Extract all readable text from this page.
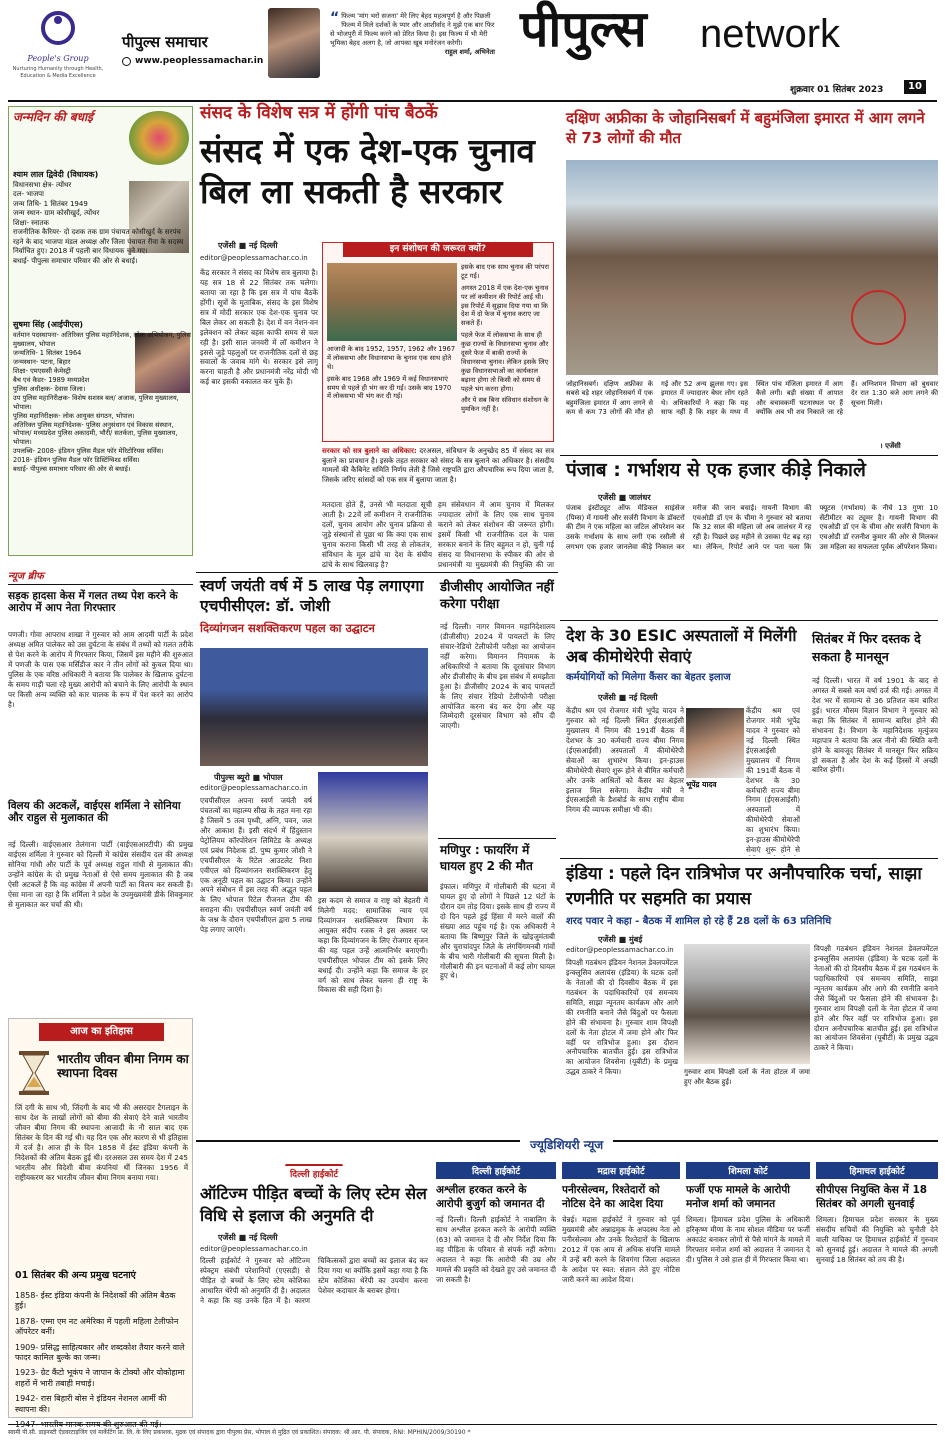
People's Group
Nurturing Humanity through Health, Education & Media Excellence
पीपुल्स समाचार
www.peoplessamachar.in
“ फिल्म 'मांग भरो सजना' मेरे लिए बेहद महत्वपूर्ण है और पिछली फिल्म में मिले दर्शकों के प्यार और आशीर्वाद ने मुझे एक बार फिर से भोजपुरी में फिल्म करने को प्रेरित किया है। इस फिल्म में भी मेरी भूमिका बेहद अलग है, जो आपका खूब मनोरंजन करेगी।
राहुल शर्मा, अभिनेता पीपुल्स network
शुक्रवार 01 सितंबर 2023	10
जन्मदिन की बधाई
श्याम लाल द्विवेदी (विधायक)
विधानसभा क्षेत्र- त्योंथर
दल- भाजपा
जन्म तिथि- 1 सितंबर 1949
जन्म स्थान- ग्राम कोसीखुर्द, त्योंथर
शिक्षा- स्नातक
राजनीतिक कैरियर- दो दशक तक ग्राम पंचायत कोसीखुर्द के सरपंच रहने के बाद भाजपा मंडल अध्यक्ष और जिला पंचायत रीवा के सदस्य निर्वाचित हुए। 2018 में पहली बार विधायक चुने गए।
बधाई- पीपुल्स समाचार परिवार की ओर से बधाई।
सुषमा सिंह (आईपीएस)
वर्तमान पदस्थापना- अतिरिक्त पुलिस महानिदेशक, लोक अभियोजन, पुलिस मुख्यालय, भोपाल
जन्मतिथि- 1 सितंबर 1964
जन्मस्थान- पटना, बिहार
शिक्षा- एमएससी केमेस्ट्री
बैच एवं कैडर- 1989 मध्यप्रदेश
पुलिस अधीक्षक- देवास जिला।
उप पुलिस महानिरीक्षक- विशेष सशस्त्र बल/ अजाक, पुलिस मुख्यालय, भोपाल।
पुलिस महानिरीक्षक- लोक आयुक्त संगठन, भोपाल।
अतिरिक्त पुलिस महानिदेशक- पुलिस अनुसंधान एवं विकास संस्थान, भोपाल/ मध्यप्रदेश पुलिस अकादमी, भौरी/ सतर्कता, पुलिस मुख्यालय, भोपाल।
उपलब्धि- 2008- इंडियन पुलिस मैडल फॉर मेरिटोरियस सर्विस।
2018- इंडियन पुलिस मैडल फॉर डिस्टिंग्विश्ड सर्विस।
बधाई- पीपुल्स समाचार परिवार की ओर से बधाई।
न्यूज ब्रीफ
सड़क हादसा केस में गलत तथ्य पेश करने के आरोप में आप नेता गिरफ्तार
पणजी। गोवा आपराध शाखा ने गुरुवार को आम आदमी पार्टी के प्रदेश अध्यक्ष अमित पालेकर को उस दुर्घटना के संबंध में तथ्यों को गलत तरीके से पेश करने के आरोप में गिरफ्तार किया, जिसमें इस महीने की शुरुआत में पणजी के पास एक मर्सिडीज कार ने तीन लोगों को कुचल दिया था। पुलिस के एक वरिष्ठ अधिकारी ने बताया कि पालेकर के खिलाफ दुर्घटना के समय गाड़ी चला रहे मुख्य आरोपी को बचाने के लिए आरोपी के स्थान पर किसी अन्य व्यक्ति को कार चालक के रूप में पेश करने का आरोप है।
विलय की अटकलें, वाईएस शर्मिला ने सोनिया और राहुल से मुलाकात की
नई दिल्ली। वाईएसआर तेलंगाना पार्टी (वाईएसआरटीपी) की प्रमुख वाईएस शर्मिला ने गुरुवार को दिल्ली में कांग्रेस संसदीय दल की अध्यक्ष सोनिया गांधी और पार्टी के पूर्व अध्यक्ष राहुल गांधी से मुलाकात की। उन्होंने कांग्रेस के दो प्रमुख नेताओं से ऐसे समय मुलाकात की है जब ऐसी अटकलें हैं कि वह कांग्रेस में अपनी पार्टी का विलय कर सकती हैं। ऐसा माना जा रहा है कि शर्मिला ने प्रदेश के उपमुख्यमंत्री डीके शिवकुमार से मुलाकात कर चर्चा की थी।
आज का इतिहास
भारतीय जीवन बीमा निगम का स्थापना दिवस
जिं दगी के साथ भी, जिंदगी के बाद भी की असरदार टैगलाइन के साथ देश के लाखों लोगों को बीमा की सेवाएं देने वाले भारतीय जीवन बीमा निगम की स्थापना आजादी के नौ साल बाद एक सितंबर के दिन की गई थी। यह दिन एक और कारण से भी इतिहास में दर्ज है। आज ही के दिन 1858 में ईस्ट इंडिया कंपनी के निदेशकों की अंतिम बैठक हुई थी। दरअसल उस समय देश में 245 भारतीय और विदेशी बीमा कंपनियां थीं जिनका 1956 में राष्ट्रीयकरण कर भारतीय जीवन बीमा निगम बनाया गया।
01 सितंबर की अन्य प्रमुख घटनाएं
1858- ईस्ट इंडिया कंपनी के निदेशकों की अंतिम बैठक हुई।
1878- एम्मा एम नट अमेरिका में पहली महिला टेलीफोन ऑपरेटर बनीं।
1909- प्रसिद्ध साहित्यकार और शब्दकोश तैयार करने वाले फादर कामिल बुल्के का जन्म।
1923- ग्रेट कैंटो भूकंप ने जापान के टोक्यो और योकोहामा शहरों में भारी तबाही मचाई।
1942- रास बिहारी बोस ने इंडियन नेशनल आर्मी की स्थापना की।
संसद के विशेष सत्र में होंगी पांच बैठकें
संसद में एक देश-एक चुनाव बिल ला सकती है सरकार
एजेंसी ■ नई दिल्ली
editor@peoplessamachar.co.in
केंद्र सरकार ने संसद का विशेष सत्र बुलाया है। यह सत्र 18 से 22 सितंबर तक चलेगा। बताया जा रहा है कि इस सत्र में पांच बैठकें होंगी। सूत्रों के मुताबिक, संसद के इस विशेष सत्र में मोदी सरकार एक देश-एक चुनाव पर बिल लेकर आ सकती है। देश में वन नेशन-वन इलेक्शन को लेकर बहस काफी समय से चल रही है। इसी साल जनवरी में लॉ कमीशन ने इससे जुड़े पहलुओं पर राजनीतिक दलों से छह सवालों के जवाब मांगे थे। सरकार इसे लागू करना चाहती है और प्रधानमंत्री नरेंद्र मोदी भी कई बार इसकी वकालत कर चुके हैं।
इन संशोधन की जरूरत क्यों?
आजादी के बाद 1952, 1957, 1962 और 1967 में लोकसभा और विधानसभा के चुनाव एक साथ होते थे।
इसके बाद 1968 और 1969 में कई विधानसभाएं समय से पहले ही भंग कर दी गईं। उसके बाद 1970 में लोकसभा भी भंग कर दी गई।
इसके बाद एक साथ चुनाव की परंपरा टूट गई।
अगस्त 2018 में एक देश-एक चुनाव पर लॉ कमीशन की रिपोर्ट आई थी। इस रिपोर्ट में सुझाव दिया गया था कि देश में दो फेज में चुनाव कराए जा सकते हैं।
पहले फेज में लोकसभा के साथ ही कुछ राज्यों के विधानसभा चुनाव और दूसरे फेज में बाकी राज्यों के विधानसभा चुनाव। लेकिन इसके लिए कुछ विधानसभाओं का कार्यकाल बढ़ाना होगा तो किसी को समय से पहले भंग करना होगा।
और ये सब बिना संविधान संशोधन के मुमकिन नहीं है।
सरकार को सत्र बुलाने का अधिकार: दरअसल, संविधान के अनुच्छेद 85 में संसद का सत्र बुलाने का प्रावधान है। इसके तहत सरकार को संसद के सत्र बुलाने का अधिकार है। संसदीय मामलों की कैबिनेट समिति निर्णय लेती है जिसे राष्ट्रपति द्वारा औपचारिक रूप दिया जाता है, जिसके जरिए सांसदों को एक सत्र में बुलाया जाता है।
मतदाता होते हैं, उनसे भी मतदाता सूची आती है। 22वें लॉ कमीशन ने राजनीतिक दलों, चुनाव आयोग और चुनाव प्रक्रिया से जुड़े संस्थानों से पूछा था कि क्या एक साथ चुनाव कराना किसी भी तरह से लोकतंत्र, संविधान के मूल ढांचे या देश के संघीय ढांचे के साथ खिलवाड़ है?
हम संसेवधान में आम चुनाव में मिलकर ज्यादातर लोगों के लिए एक साथ चुनाव कराने को लेकर संशोधन की जरूरत होगी। इसमें किसी भी राजनीतिक दल के पास सरकार बनाने के लिए बहुमत न हो, चुनी गई संसद या विधानसभा के स्पीकर की ओर से प्रधानमंत्री या मुख्यमंत्री की नियुक्ति की जा
दक्षिण अफ्रीका के जोहानिसबर्ग में बहुमंजिला इमारत में आग लगने से 73 लोगों की मौत
जोहानिसबर्ग। दक्षिण अफ्रीका के सबसे बड़े शहर जोहानिसबर्ग में एक बहुमंजिला इमारत में आग लगने से कम से कम 73 लोगों की मौत हो गई और 52 अन्य झुलस गए। इस इमारत में ज्यादातर बेघर लोग रहते थे। अधिकारियों ने कहा कि यह साफ नहीं है कि शहर के मध्य में स्थित पांच मंजिला इमारत में आग कैसे लगी। बड़ी संख्या में आपात और बचावकर्मी घटनास्थल पर हैं क्योंकि अब भी शव निकाले जा रहे हैं। अग्निशमन विभाग को बुधवार देर रात 1:30 बजे आग लगने की सूचना मिली।
। एजेंसी
पंजाब : गर्भाशय से एक हजार कीड़े निकाले
एजेंसी ■ जालंधर
पंजाब इंस्टीट्यूट ऑफ मेडिकल साइंसेज (पिम्स) में गायनी और सर्जरी विभाग के डॉक्टरों की टीम ने एक महिला का जटिल ऑपरेशन कर उसके गर्भाशय के साथ लगी एक रसौली से लगभग एक हजार जानलेवा कीड़े निकाल कर मरीज की जान बचाई। गायनी विभाग की एचओडी डॉ एन के चीमा ने गुरुवार को बताया कि 32 साल की महिला जो अब जालंधर में रह रही है। पिछले छह महीने से उसका पेट बढ़ रहा था। लेकिन, रिपोर्ट आने पर पता चला कि फ्यूटस (गर्भाशय) के नीचे 13 गुणा 10 सेंटीमीटर का ट्यूमर है। गायनी विभाग की एचओडी डॉ एन के चीमा और सर्जरी विभाग के एचओडी डॉ रजनीश कुमार की ओर से मिलकर उस महिला का सफलता पूर्वक ऑपरेशन किया।
स्वर्ण जयंती वर्ष में 5 लाख पेड़ लगाएगा एचपीसीएल: डॉ. जोशी
दिव्यांगजन सशक्तिकरण पहल का उद्घाटन
पीपुल्स ब्यूरो ■ भोपाल
editor@peoplessamachar.co.in
एचपीसीएल अपना स्वर्ण जयंती वर्ष पंचतत्वों का महात्म्य सीख के तहत मना रहा है जिसमें 5 तत्व पृथ्वी, अग्नि, पवन, जल और आकाश हैं। इसी संदर्भ में हिंदुस्तान पेट्रोलियम कॉरपोरेशन लिमिटेड के अध्यक्ष एवं प्रबंध निदेशक डॉ. पुष्प कुमार जोशी ने एचपीसीएल के रिटेल आउटलेट निशा एवीएल को दिव्यांगजन सशक्तिकरण हेतु एक अनूठी पहल का उद्घाटन किया। उन्होंने अपने संबोधन में इस तरह की अद्भुत पहल के लिए भोपाल रिटेल रीजनल टीम की सराहना की। एचपीसीएल स्वर्ण जयंती वर्ष के जश्न के दौरान एचपीसीएल द्वारा 5 लाख पेड़ लगाए जाएंगे।
इस कदम से समाज व राष्ट्र को बेहतरी में मिलेगी मदद: सामाजिक न्याय एवं दिव्यांगजन सशक्तिकरण विभाग के आयुक्त संदीप रजक ने इस अवसर पर कहा कि दिव्यांगजन के लिए रोजगार सृजन की यह पहल उन्हें आत्मनिर्भर बनाएगी। एचपीसीएल भोपाल टीम को इसके लिए बधाई दी। उन्होंने कहा कि समाज के हर वर्ग को साथ लेकर चलना ही राष्ट्र के विकास की सही दिशा है।
डीजीसीए आयोजित नहीं करेगा परीक्षा
नई दिल्ली। नागर विमानन महानिदेशालय (डीजीसीए) 2024 में पायलटों के लिए संचार-रेडियो टेलीफोनी परीक्षा का आयोजन नहीं करेगा। विमानन नियामक के अधिकारियों ने बताया कि दूरसंचार विभाग और डीजीसीए के बीच इस संबंध में समझौता हुआ है। डीजीसीए 2024 के बाद पायलटों के लिए संचार रेडियो टेलीफोनी परीक्षा आयोजित करना बंद कर देगा और यह जिम्मेदारी दूरसंचार विभाग को सौंप दी जाएगी।
मणिपुर : फायरिंग में घायल हुए 2 की मौत
इंफाल। मणिपुर में गोलीबारी की घटना में घायल हुए दो लोगों ने पिछले 12 घंटों के दौरान दम तोड़ दिया। इसके साथ ही राज्य में दो दिन पहले हुई हिंसा में मरने वालों की संख्या आठ पहुंच गई है। एक अधिकारी ने बताया कि बिष्णुपुर जिले के खोइजुमंताबी और चुराचांदपुर जिले के लंगचिंगमनबी गांवों के बीच भारी गोलीबारी की सूचना मिली है। गोलीबारी की इन घटनाओं में कई लोग घायल हुए थे।
देश के 30 ESIC अस्पतालों में मिलेंगी अब कीमोथेरेपी सेवाएं
कर्मयोगियों को मिलेगा कैंसर का बेहतर इलाज
एजेंसी ■ नई दिल्ली
भूपेंद्र यादव
केंद्रीय श्रम एवं रोजगार मंत्री भूपेंद्र यादव ने गुरुवार को नई दिल्ली स्थित ईएसआईसी मुख्यालय में निगम की 191वीं बैठक में देशभर के 30 कर्मचारी राज्य बीमा निगम (ईएसआईसी) अस्पतालों में कीमोथेरेपी सेवाओं का शुभारंभ किया। इन-हाउस कीमोथेरेपी सेवाएं शुरू होने से बीमित कर्मचारी और उनके आश्रितों को कैंसर का बेहतर इलाज मिल सकेगा। केंद्रीय मंत्री ने ईएसआईसी के डैशबोर्ड के साथ राष्ट्रीय बीमा निगम की व्यापक समीक्षा भी की।
केंद्रीय श्रम एवं रोजगार मंत्री भूपेंद्र यादव ने गुरुवार को नई दिल्ली स्थित ईएसआईसी मुख्यालय में निगम की 191वीं बैठक में देशभर के 30 कर्मचारी राज्य बीमा निगम (ईएसआईसी) अस्पतालों में कीमोथेरेपी सेवाओं का शुभारंभ किया। इन-हाउस कीमोथेरेपी सेवाएं शुरू होने से
सितंबर में फिर दस्तक दे सकता है मानसून
नई दिल्ली। भारत में वर्ष 1901 के बाद से अगस्त में सबसे कम वर्षा दर्ज की गई। अगस्त में देश भर में सामान्य से 36 प्रतिशत कम बारिश हुई। भारत मौसम विज्ञान विभाग ने गुरुवार को कहा कि सितंबर में सामान्य बारिश होने की संभावना है। विभाग के महानिदेशक मृत्युंजय महापात्र ने बताया कि अल नीनो की स्थिति बनी होने के बावजूद सितंबर में मानसून फिर सक्रिय हो सकता है और देश के कई हिस्सों में अच्छी बारिश होगी।
इंडिया : पहले दिन रात्रिभोज पर अनौपचारिक चर्चा, साझा रणनीति पर सहमति का प्रयास
शरद पवार ने कहा - बैठक में शामिल हो रहे हैं 28 दलों के 63 प्रतिनिधि
एजेंसी ■ मुंबई
editor@peoplessamachar.co.in
विपक्षी गठबंधन इंडियन नेशनल डेवलपमेंटल इन्क्लूसिव अलायंस (इंडिया) के घटक दलों के नेताओं की दो दिवसीय बैठक में इस गठबंधन के पदाधिकारियों एवं समन्वय समिति, साझा न्यूनतम कार्यक्रम और आगे की रणनीति बनाने जैसे बिंदुओं पर फैसला होने की संभावना है। गुरुवार शाम विपक्षी दलों के नेता होटल में जमा होने और फिर वहीं पर रात्रिभोज हुआ। इस दौरान अनौपचारिक बातचीत हुई। इस रात्रिभोज का आयोजन शिवसेना (यूबीटी) के प्रमुख उद्धव ठाकरे ने किया।	गुरुवार शाम विपक्षी दलों के नेता होटल में जमा हुए और बैठक हुई।
विपक्षी गठबंधन इंडियन नेशनल डेवलपमेंटल इन्क्लूसिव अलायंस (इंडिया) के घटक दलों के नेताओं की दो दिवसीय बैठक में इस गठबंधन के पदाधिकारियों एवं समन्वय समिति, साझा न्यूनतम कार्यक्रम और आगे की रणनीति बनाने जैसे बिंदुओं पर फैसला होने की संभावना है। गुरुवार शाम विपक्षी दलों के नेता होटल में जमा होने और फिर वहीं पर रात्रिभोज हुआ। इस दौरान अनौपचारिक बातचीत हुई। इस रात्रिभोज का आयोजन शिवसेना (यूबीटी) के प्रमुख उद्धव ठाकरे ने किया।
ज्यूडिशियरी न्यूज
दिल्ली हाईकोर्ट
ऑटिज्म पीड़ित बच्चों के लिए स्टेम सेल विधि से इलाज की अनुमति दी
एजेंसी ■ नई दिल्ली
editor@peoplessamachar.co.in
दिल्ली हाईकोर्ट ने गुरुवार को ऑटिज्म स्पेक्ट्रम संबंधी परेशानियों (एएसडी) से पीड़ित दो बच्चों के लिए स्टेम कोशिका आधारित थेरेपी को अनुमति दी है। अदालत ने कहा कि यह उनके हित में है। कारण चिकित्सकों द्वारा बच्चों का इलाज बंद कर दिया गया था क्योंकि इसमें कहा गया है कि स्टेम कोशिका थेरेपी का उपयोग करना पेशेवर कदाचार के बराबर होगा।
दिल्ली हाईकोर्ट
अश्लील हरकत करने के आरोपी बुजुर्ग को जमानत दी
नई दिल्ली। दिल्ली हाईकोर्ट ने नाबालिग के साथ अश्लील हरकत करने के आरोपी व्यक्ति (63) को जमानत दे दी और निर्देश दिया कि वह पीड़िता के परिवार से संपर्क नहीं करेगा। अदालत ने कहा कि आरोपी की उम्र और मामले की प्रकृति को देखते हुए उसे जमानत दी जा सकती है।
मद्रास हाईकोर्ट
पनीरसेल्वम, रिश्तेदारों को नोटिस देने का आदेश दिया
चेन्नई। मद्रास हाईकोर्ट ने गुरुवार को पूर्व मुख्यमंत्री और अन्नाद्रमुक के अपदस्थ नेता ओ पनीरसेल्वम और उनके रिश्तेदारों के खिलाफ 2012 में एक आय से अधिक संपत्ति मामले में उन्हें बरी करने के शिवगंगा जिला अदालत के आदेश पर स्वत: संज्ञान लेते हुए नोटिस जारी करने का आदेश दिया।
शिमला कोर्ट
फर्जी एफ मामले के आरोपी मनोज शर्मा को जमानत
शिमला। हिमाचल प्रदेश पुलिस के अधिकारी हरिकृष्ण मीणा के नाम सोशल मीडिया पर फर्जी अकाउंट बनाकर लोगों से पैसे मांगने के मामले में गिरफ्तार मनोज शर्मा को अदालत ने जमानत दे दी। पुलिस ने उसे हाल ही में गिरफ्तार किया था।
हिमाचल हाईकोर्ट
सीपीएस नियुक्ति केस में 18 सितंबर को अगली सुनवाई
शिमला। हिमाचल प्रदेश सरकार के मुख्य संसदीय सचिवों की नियुक्ति को चुनौती देने वाली याचिका पर हिमाचल हाईकोर्ट में गुरुवार को सुनवाई हुई। अदालत ने मामले की अगली सुनवाई 18 सितंबर को तय की है।
स्वामी पी.सी. डाइनस्टी ऐडवरटाइजिंग एवं मार्केटिंग प्रा. लि. के लिए प्रकाशक, मुद्रक एवं संपादक द्वारा पीपुल्स प्रेस, भोपाल से मुद्रित एवं प्रकाशित। संपादक: श्री आर. पी. संपादक, RNI: MPHIN/2009/30190 *
